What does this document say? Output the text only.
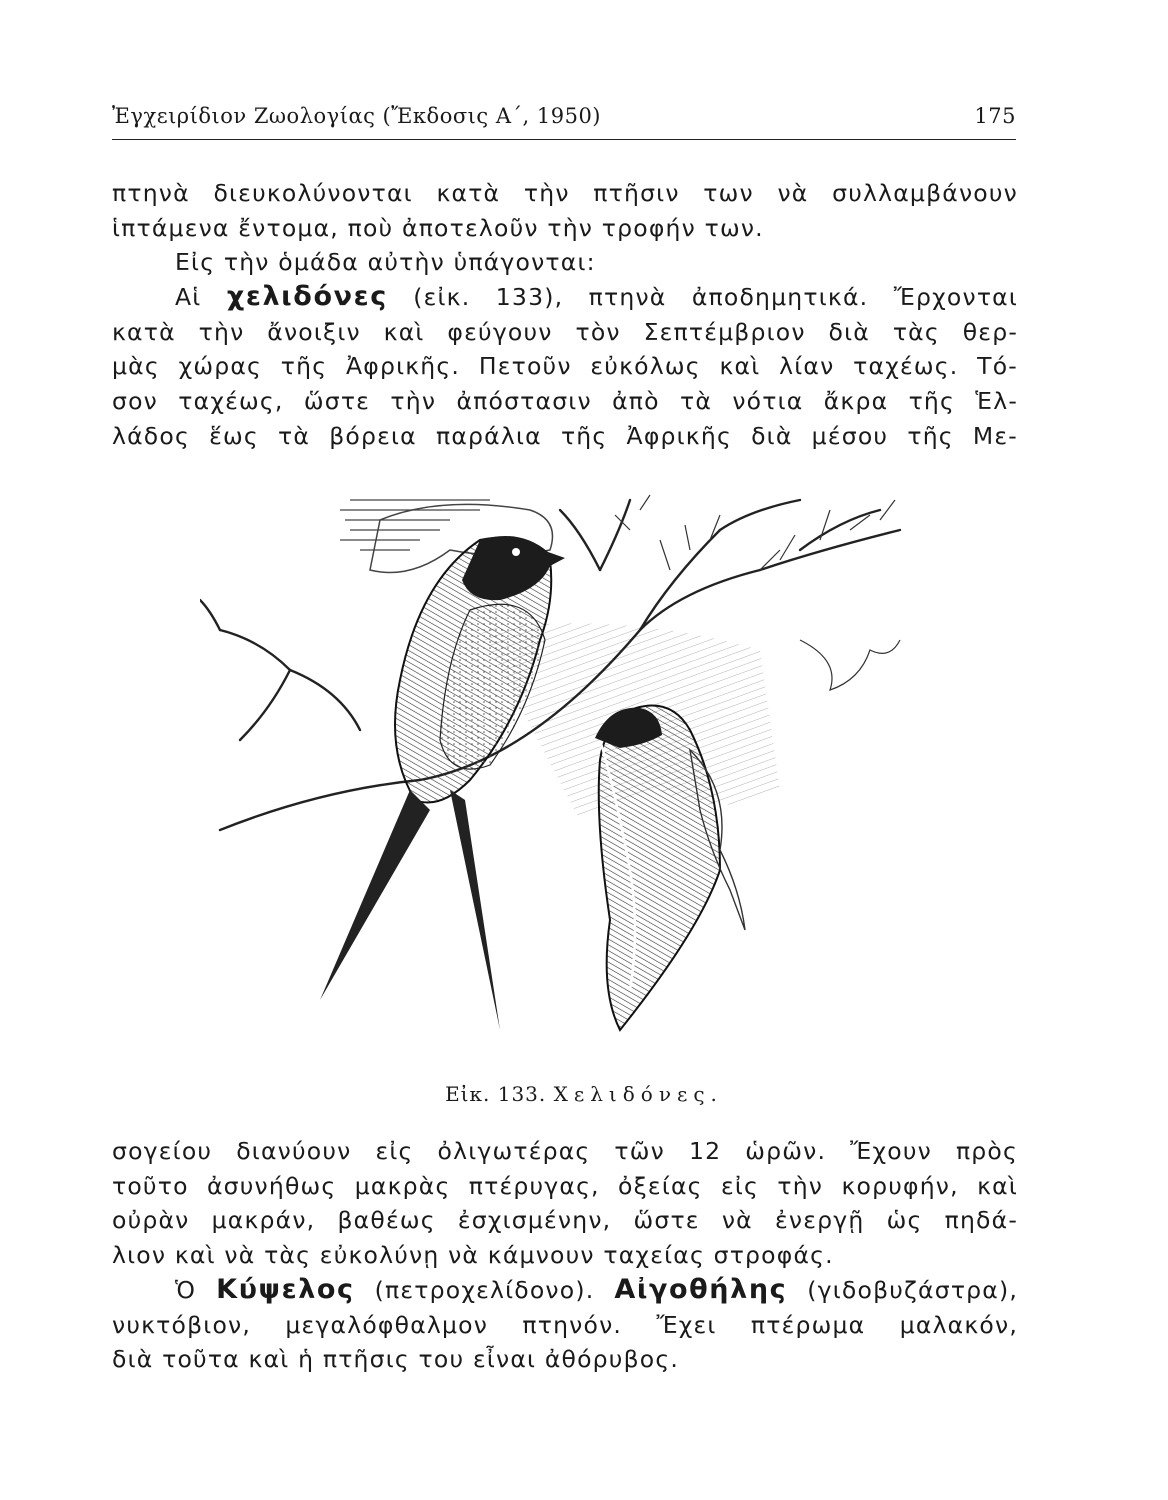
Ἐγχειρίδιον Ζωολογίας (Ἔκδοσις Α΄, 1950)	175
πτηνὰ διευκολύνονται κατὰ τὴν πτῆσιν των νὰ συλλαμβάνουν
ἱπτάμενα ἔντομα, ποὺ ἀποτελοῦν τὴν τροφήν των.
Εἰς τὴν ὁμάδα αὐτὴν ὑπάγονται:
Αἱ χελιδόνες (εἰκ. 133), πτηνὰ ἀποδημητικά. Ἔρχονται
κατὰ τὴν ἄνοιξιν καὶ φεύγουν τὸν Σεπτέμβριον διὰ τὰς θερ-
μὰς χώρας τῆς Ἀφρικῆς. Πετοῦν εὐκόλως καὶ λίαν ταχέως. Τό-
σον ταχέως, ὥστε τὴν ἀπόστασιν ἀπὸ τὰ νότια ἄκρα τῆς Ἑλ-
λάδος ἕως τὰ βόρεια παράλια τῆς Ἀφρικῆς διὰ μέσου τῆς Με-
Εἰκ. 133. Χελιδόνες.
σογείου διανύουν εἰς ὀλιγωτέρας τῶν 12 ὡρῶν. Ἔχουν πρὸς
τοῦτο ἀσυνήθως μακρὰς πτέρυγας, ὀξείας εἰς τὴν κορυφήν, καὶ
οὐρὰν μακράν, βαθέως ἐσχισμένην, ὥστε νὰ ἐνεργῇ ὡς πηδά-
λιον καὶ νὰ τὰς εὐκολύνῃ νὰ κάμνουν ταχείας στροφάς.
Ὁ Κύψελος (πετροχελίδονο). Αἰγοθήλης (γιδοβυζάστρα),
νυκτόβιον, μεγαλόφθαλμον πτηνόν. Ἔχει πτέρωμα μαλακόν,
διὰ τοῦτα καὶ ἡ πτῆσις του εἶναι ἀθόρυβος.
